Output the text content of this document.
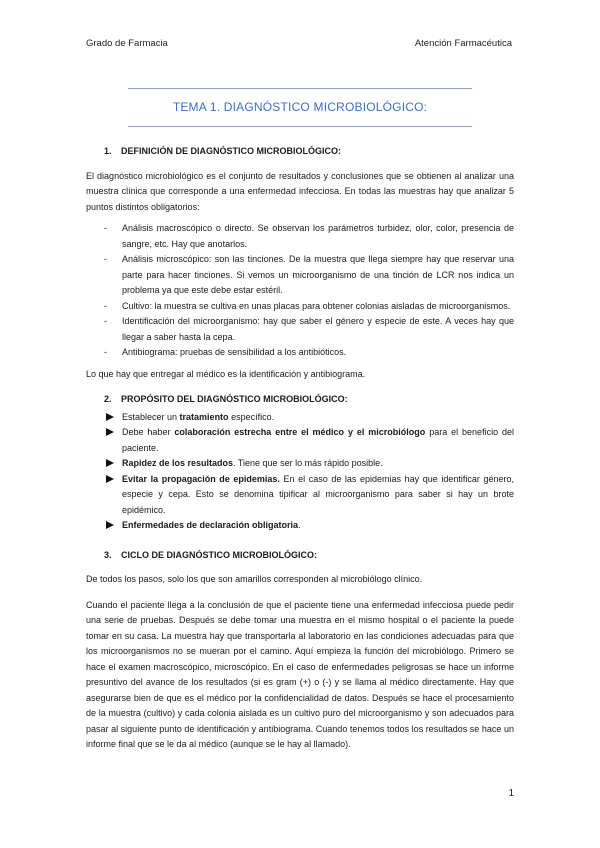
Grado de Farmacia	Atención Farmacéutica
TEMA 1. DIAGNÓSTICO MICROBIOLÓGICO:
1. DEFINICIÓN DE DIAGNÓSTICO MICROBIOLÓGICO:

El diagnóstico microbiológico es el conjunto de resultados y conclusiones que se obtienen al analizar una muestra clínica que corresponde a una enfermedad infecciosa. En todas las muestras hay que analizar 5 puntos distintos obligatorios:

- Análisis macroscópico o directo. Se observan los parámetros turbidez, olor, color, presencia de sangre, etc. Hay que anotarlos.
- Análisis microscópico: son las tinciones. De la muestra que llega siempre hay que reservar una parte para hacer tinciones. Si vemos un microorganismo de una tinción de LCR nos indica un problema ya que este debe estar estéril.
- Cultivo: la muestra se cultiva en unas placas para obtener colonias aisladas de microorganismos.
- Identificación del microorganismo: hay que saber el género y especie de este. A veces hay que llegar a saber hasta la cepa.
- Antibiograma: pruebas de sensibilidad a los antibióticos.

Lo que hay que entregar al médico es la identificación y antibiograma.

2. PROPÓSITO DEL DIAGNÓSTICO MICROBIOLÓGICO:
Establecer un tratamiento específico.
Debe haber colaboración estrecha entre el médico y el microbiólogo para el beneficio del paciente.
Rapidez de los resultados. Tiene que ser lo más rápido posible.
Evitar la propagación de epidemias. En el caso de las epidemias hay que identificar género, especie y cepa. Esto se denomina tipificar al microorganismo para saber si hay un brote epidémico.
Enfermedades de declaración obligatoria.
3. CICLO DE DIAGNÓSTICO MICROBIOLÓGICO:

De todos los pasos, solo los que son amarillos corresponden al microbiólogo clínico.

Cuando el paciente llega a la conclusión de que el paciente tiene una enfermedad infecciosa puede pedir una serie de pruebas. Después se debe tomar una muestra en el mismo hospital o el paciente la puede tomar en su casa. La muestra hay que transportarla al laboratorio en las condiciones adecuadas para que los microorganismos no se mueran por el camino. Aquí empieza la función del microbiólogo. Primero se hace el examen macroscópico, microscópico. En el caso de enfermedades peligrosas se hace un informe presuntivo del avance de los resultados (si es gram (+) o (-) y se llama al médico directamente. Hay que asegurarse bien de que es el médico por la confidencialidad de datos. Después se hace el procesamiento de la muestra (cultivo) y cada colonia aislada es un cultivo puro del microorganismo y son adecuados para pasar al siguiente punto de identificación y antibiograma. Cuando tenemos todos los resultados se hace un informe final que se le da al médico (aunque se le hay al llamado).

1
